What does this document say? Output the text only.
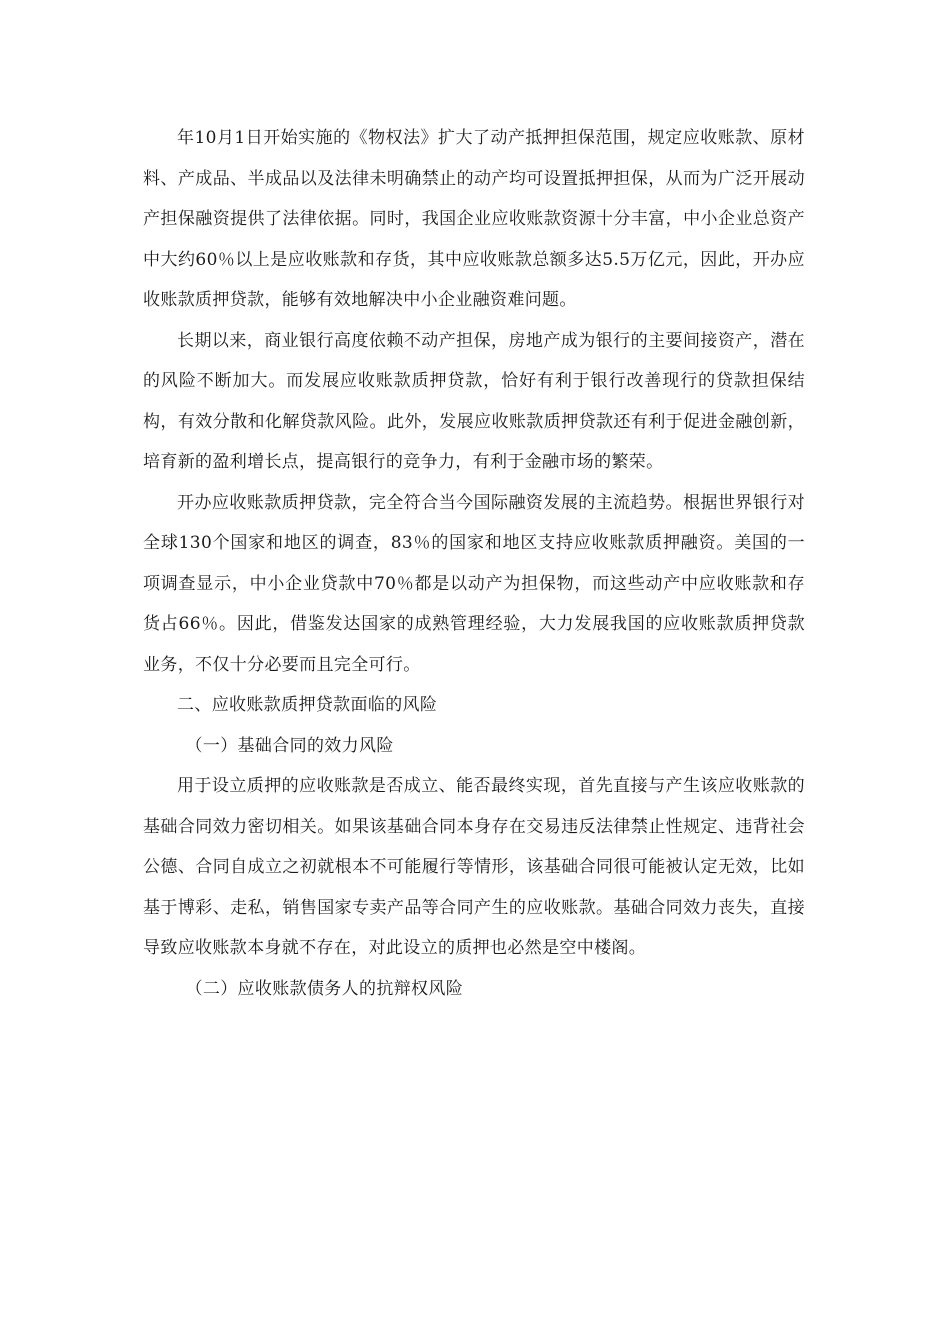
年10月1日开始实施的《物权法》扩大了动产抵押担保范围，规定应收账款、原材料、产成品、半成品以及法律未明确禁止的动产均可设置抵押担保，从而为广泛开展动产担保融资提供了法律依据。同时，我国企业应收账款资源十分丰富，中小企业总资产中大约60％以上是应收账款和存货，其中应收账款总额多达5.5万亿元，因此，开办应收账款质押贷款，能够有效地解决中小企业融资难问题。

长期以来，商业银行高度依赖不动产担保，房地产成为银行的主要间接资产，潜在的风险不断加大。而发展应收账款质押贷款，恰好有利于银行改善现行的贷款担保结构，有效分散和化解贷款风险。此外，发展应收账款质押贷款还有利于促进金融创新，培育新的盈利增长点，提高银行的竞争力，有利于金融市场的繁荣。

开办应收账款质押贷款，完全符合当今国际融资发展的主流趋势。根据世界银行对全球130个国家和地区的调查，83％的国家和地区支持应收账款质押融资。美国的一项调查显示，中小企业贷款中70％都是以动产为担保物，而这些动产中应收账款和存货占66％。因此，借鉴发达国家的成熟管理经验，大力发展我国的应收账款质押贷款业务，不仅十分必要而且完全可行。

二、应收账款质押贷款面临的风险

（一）基础合同的效力风险

用于设立质押的应收账款是否成立、能否最终实现，首先直接与产生该应收账款的基础合同效力密切相关。如果该基础合同本身存在交易违反法律禁止性规定、违背社会公德、合同自成立之初就根本不可能履行等情形，该基础合同很可能被认定无效，比如基于博彩、走私，销售国家专卖产品等合同产生的应收账款。基础合同效力丧失，直接导致应收账款本身就不存在，对此设立的质押也必然是空中楼阁。

（二）应收账款债务人的抗辩权风险
